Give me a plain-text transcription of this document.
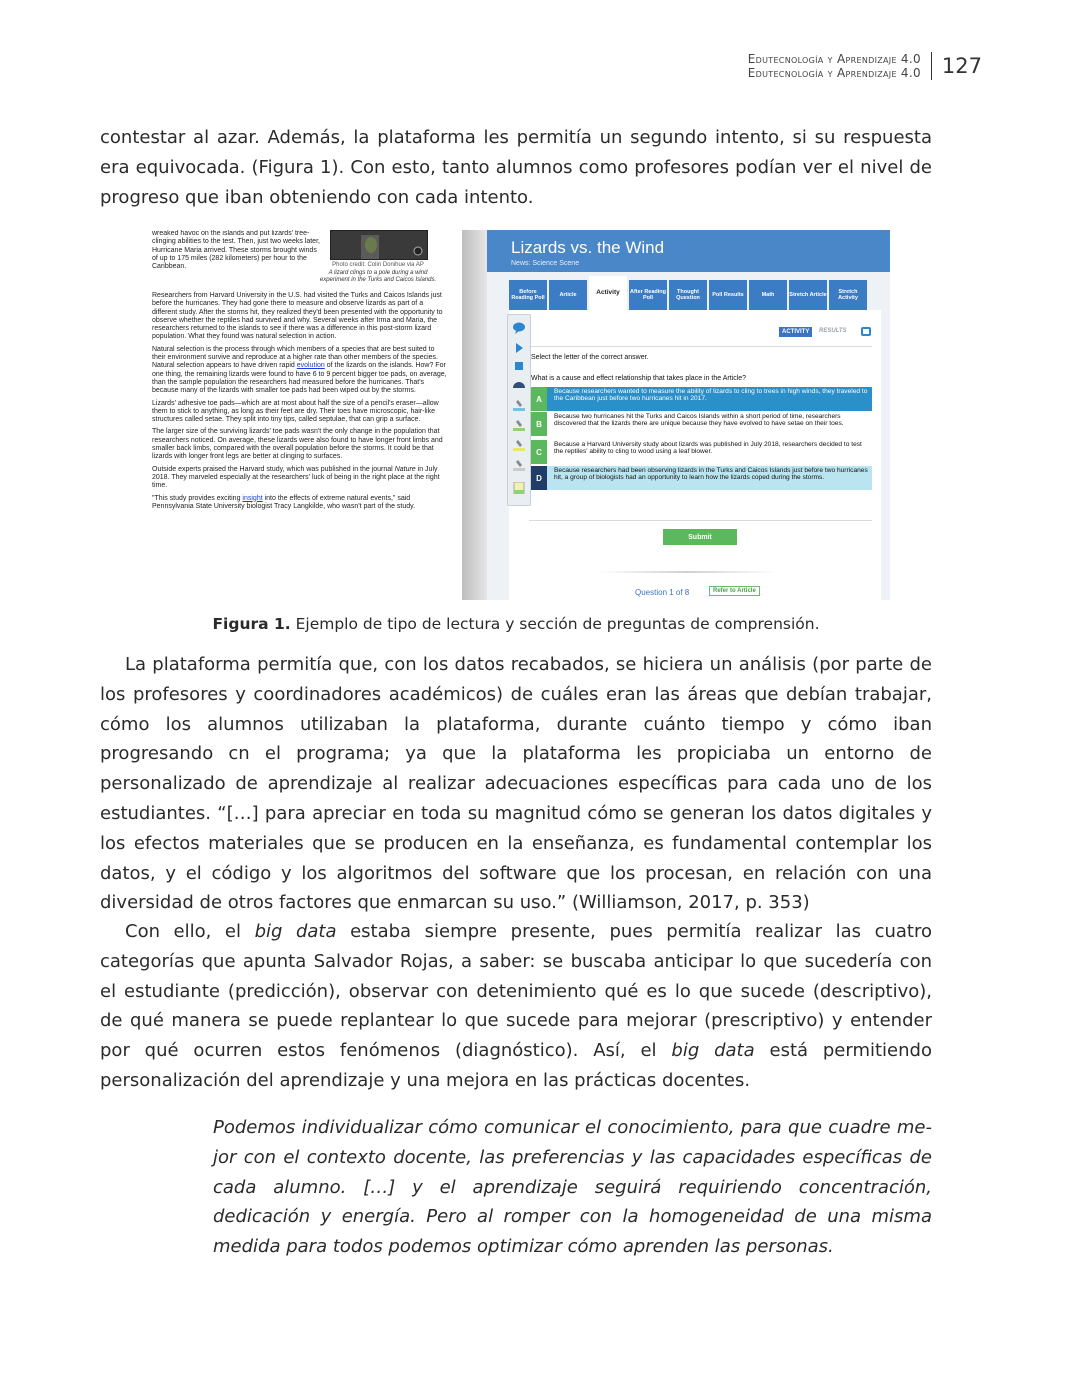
Edutecnología y Aprendizaje 4.0
Edutecnología y Aprendizaje 4.0	127

contestar al azar. Además, la plataforma les permitía un segundo intento, si su respuesta era equivocada. (Figura 1). Con esto, tanto alumnos como profesores podían ver el nivel de progreso que iban obteniendo con cada intento.

wreaked havoc on the islands and put lizards' tree-clinging abilities to the test. Then, just two weeks later, Hurricane Maria arrived. These storms brought winds of up to 175 miles (282 kilometers) per hour to the Caribbean.	Photo credit: Colin Donihue via AP
A lizard clings to a pole during a wind experiment in the Turks and Caicos Islands.

Researchers from Harvard University in the U.S. had visited the Turks and Caicos Islands just before the hurricanes. They had gone there to measure and observe lizards as part of a different study. After the storms hit, they realized they'd been presented with the opportunity to observe whether the reptiles had survived and why. Several weeks after Irma and Maria, the researchers returned to the islands to see if there was a difference in this post-storm lizard population. What they found was natural selection in action.

Natural selection is the process through which members of a species that are best suited to their environment survive and reproduce at a higher rate than other members of the species. Natural selection appears to have driven rapid evolution of the lizards on the islands. How? For one thing, the remaining lizards were found to have 6 to 9 percent bigger toe pads, on average, than the sample population the researchers had measured before the hurricanes. That's because many of the lizards with smaller toe pads had been wiped out by the storms.

Lizards' adhesive toe pads—which are at most about half the size of a pencil's eraser—allow them to stick to anything, as long as their feet are dry. Their toes have microscopic, hair-like structures called setae. They split into tiny tips, called septulae, that can grip a surface.

The larger size of the surviving lizards' toe pads wasn't the only change in the population that researchers noticed. On average, these lizards were also found to have longer front limbs and smaller back limbs, compared with the overall population before the storms. It could be that lizards with longer front legs are better at clinging to surfaces.

Outside experts praised the Harvard study, which was published in the journal Nature in July 2018. They marveled especially at the researchers' luck of being in the right place at the right time.

"This study provides exciting insight into the effects of extreme natural events," said Pennsylvania State University biologist Tracy Langkilde, who wasn't part of the study.

Lizards vs. the Wind
News: Science Scene
Before Reading Poll
Article	Activity	After Reading Poll
Thought Question
Poll Results	Math	Stretch Article
Stretch Activity
ACTIVITY	RESULTS
Select the letter of the correct answer.
What is a cause and effect relationship that takes place in the Article?
A
Because researchers wanted to measure the ability of lizards to cling to trees in high winds, they traveled to the Caribbean just before two hurricanes hit in 2017.
B
Because two hurricanes hit the Turks and Caicos Islands within a short period of time, researchers discovered that the lizards there are unique because they have evolved to have setae on their toes.
C
Because a Harvard University study about lizards was published in July 2018, researchers decided to test the reptiles' ability to cling to wood using a leaf blower.
D
Because researchers had been observing lizards in the Turks and Caicos Islands just before two hurricanes hit, a group of biologists had an opportunity to learn how the lizards coped during the storms.
Submit
Question 1 of 8	Refer to Article
Figura 1. Ejemplo de tipo de lectura y sección de preguntas de comprensión.

La plataforma permitía que, con los datos recabados, se hiciera un análisis (por parte de los profesores y coordinadores académicos) de cuáles eran las áreas que debían trabajar, cómo los alumnos utilizaban la plataforma, durante cuánto tiempo y cómo iban progresando cn el programa; ya que la plataforma les propiciaba un entorno de personalizado de aprendizaje al realizar adecuaciones específicas para cada uno de los estudiantes. “[…] para apreciar en toda su magnitud cómo se generan los datos digitales y los efectos materiales que se producen en la enseñanza, es fundamental contemplar los datos, y el código y los algoritmos del software que los procesan, en relación con una diversidad de otros factores que enmarcan su uso.” (Williamson, 2017, p. 353)

Con ello, el big data estaba siempre presente, pues permitía realizar las cuatro categorías que apunta Salvador Rojas, a saber: se buscaba anticipar lo que sucedería con el estudiante (predicción), observar con detenimiento qué es lo que sucede (descriptivo), de qué manera se puede replantear lo que sucede para mejorar (prescriptivo) y entender por qué ocurren estos fenómenos (diagnóstico). Así, el big data está permitiendo personalización del aprendizaje y una mejora en las prácticas docentes.

Podemos individualizar cómo comunicar el conocimiento, para que cuadre me- jor con el contexto docente, las preferencias y las capacidades específicas de cada alumno. […] y el aprendizaje seguirá requiriendo concentración, dedicación y energía. Pero al romper con la homogeneidad de una misma medida para todos podemos optimizar cómo aprenden las personas.
